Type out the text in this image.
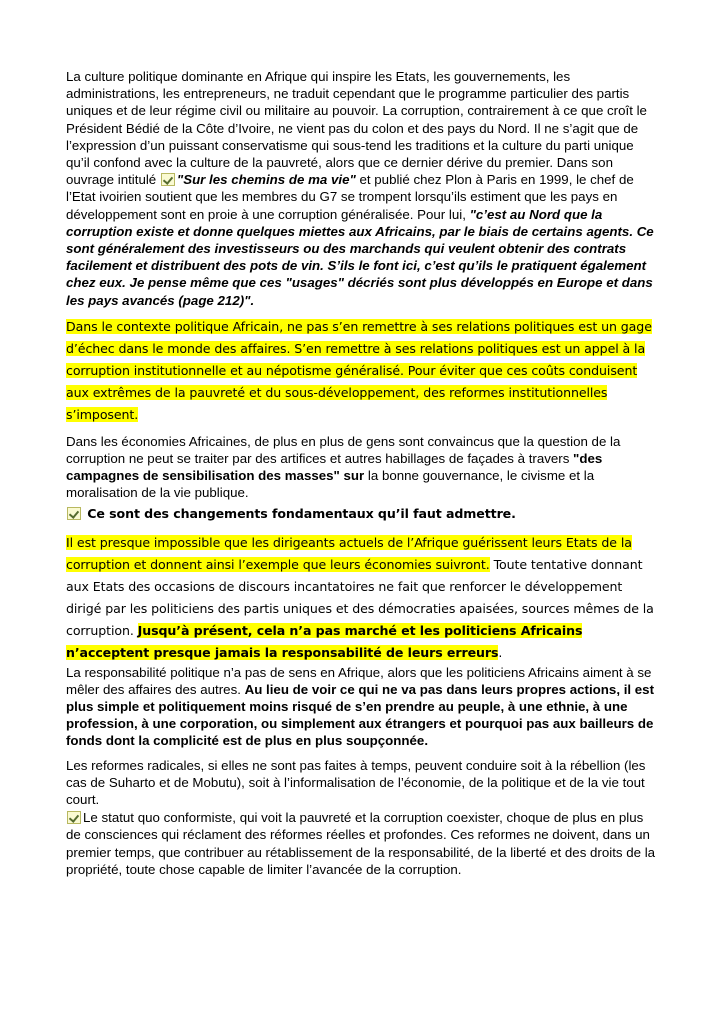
La culture politique dominante en Afrique qui inspire les Etats, les gouvernements, les administrations, les entrepreneurs, ne traduit cependant que le programme particulier des partis uniques et de leur régime civil ou militaire au pouvoir. La corruption, contrairement à ce que croît le Président Bédié de la Côte d’Ivoire, ne vient pas du colon et des pays du Nord. Il ne s’agit que de l’expression d’un puissant conservatisme qui sous-tend les traditions et la culture du parti unique qu’il confond avec la culture de la pauvreté, alors que ce dernier dérive du premier. Dans son ouvrage intitulé "Sur les chemins de ma vie" et publié chez Plon à Paris en 1999, le chef de l’Etat ivoirien soutient que les membres du G7 se trompent lorsqu’ils estiment que les pays en développement sont en proie à une corruption généralisée. Pour lui, "c’est au Nord que la corruption existe et donne quelques miettes aux Africains, par le biais de certains agents. Ce sont généralement des investisseurs ou des marchands qui veulent obtenir des contrats facilement et distribuent des pots de vin. S’ils le font ici, c’est qu’ils le pratiquent également chez eux. Je pense même que ces "usages" décriés sont plus développés en Europe et dans les pays avancés (page 212)".

Dans le contexte politique Africain, ne pas s’en remettre à ses relations politiques est un gage d’échec dans le monde des affaires. S’en remettre à ses relations politiques est un appel à la corruption institutionnelle et au népotisme généralisé. Pour éviter que ces coûts conduisent aux extrêmes de la pauvreté et du sous-développement, des reformes institutionnelles s’imposent.

Dans les économies Africaines, de plus en plus de gens sont convaincus que la question de la corruption ne peut se traiter par des artifices et autres habillages de façades à travers "des campagnes de sensibilisation des masses" sur la bonne gouvernance, le civisme et la moralisation de la vie publique.

Ce sont des changements fondamentaux qu’il faut admettre.

Il est presque impossible que les dirigeants actuels de l’Afrique guérissent leurs Etats de la corruption et donnent ainsi l’exemple que leurs économies suivront. Toute tentative donnant aux Etats des occasions de discours incantatoires ne fait que renforcer le développement dirigé par les politiciens des partis uniques et des démocraties apaisées, sources mêmes de la corruption. Jusqu’à présent, cela n’a pas marché et les politiciens Africains n’acceptent presque jamais la responsabilité de leurs erreurs.

La responsabilité politique n’a pas de sens en Afrique, alors que les politiciens Africains aiment à se mêler des affaires des autres. Au lieu de voir ce qui ne va pas dans leurs propres actions, il est plus simple et politiquement moins risqué de s’en prendre au peuple, à une ethnie, à une profession, à une corporation, ou simplement aux étrangers et pourquoi pas aux bailleurs de fonds dont la complicité est de plus en plus soupçonnée.

Les reformes radicales, si elles ne sont pas faites à temps, peuvent conduire soit à la rébellion (les cas de Suharto et de Mobutu), soit à l’informalisation de l’économie, de la politique et de la vie tout court.

Le statut quo conformiste, qui voit la pauvreté et la corruption coexister, choque de plus en plus de consciences qui réclament des réformes réelles et profondes. Ces reformes ne doivent, dans un premier temps, que contribuer au rétablissement de la responsabilité, de la liberté et des droits de la propriété, toute chose capable de limiter l’avancée de la corruption.
